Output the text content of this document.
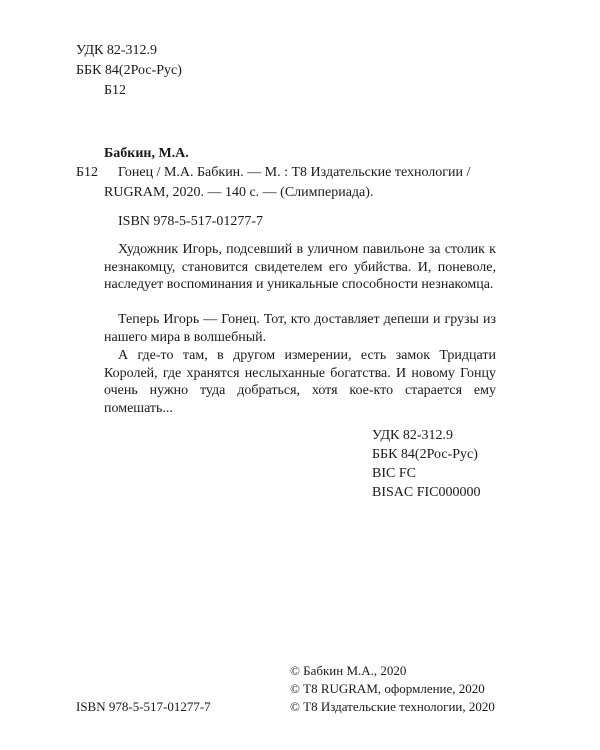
УДК 82-312.9
ББК 84(2Рос-Рус)
Б12
Бабкин, М.А.
Б12 Гонец / М.А. Бабкин. — М. : Т8 Издательские технологии /
RUGRAM, 2020. — 140 с. — (Слимпериада).
ISBN 978-5-517-01277-7

Художник Игорь, подсевший в уличном павильоне за столик к незнакомцу, становится свидетелем его убийства. И, поневоле, наследует воспоминания и уникальные способности незнакомца.

Теперь Игорь — Гонец. Тот, кто доставляет депеши и грузы из нашего мира в волшебный.

А где-то там, в другом измерении, есть замок Тридцати Королей, где хранятся неслыханные богатства. И новому Гонцу очень нужно туда добраться, хотя кое-кто старается ему помешать...

УДК 82-312.9
ББК 84(2Рос-Рус)
BIC FC
BISAC FIC000000
© Бабкин М.А., 2020
© Т8 RUGRAM, оформление, 2020
ISBN 978-5-517-01277-7	© Т8 Издательские технологии, 2020
